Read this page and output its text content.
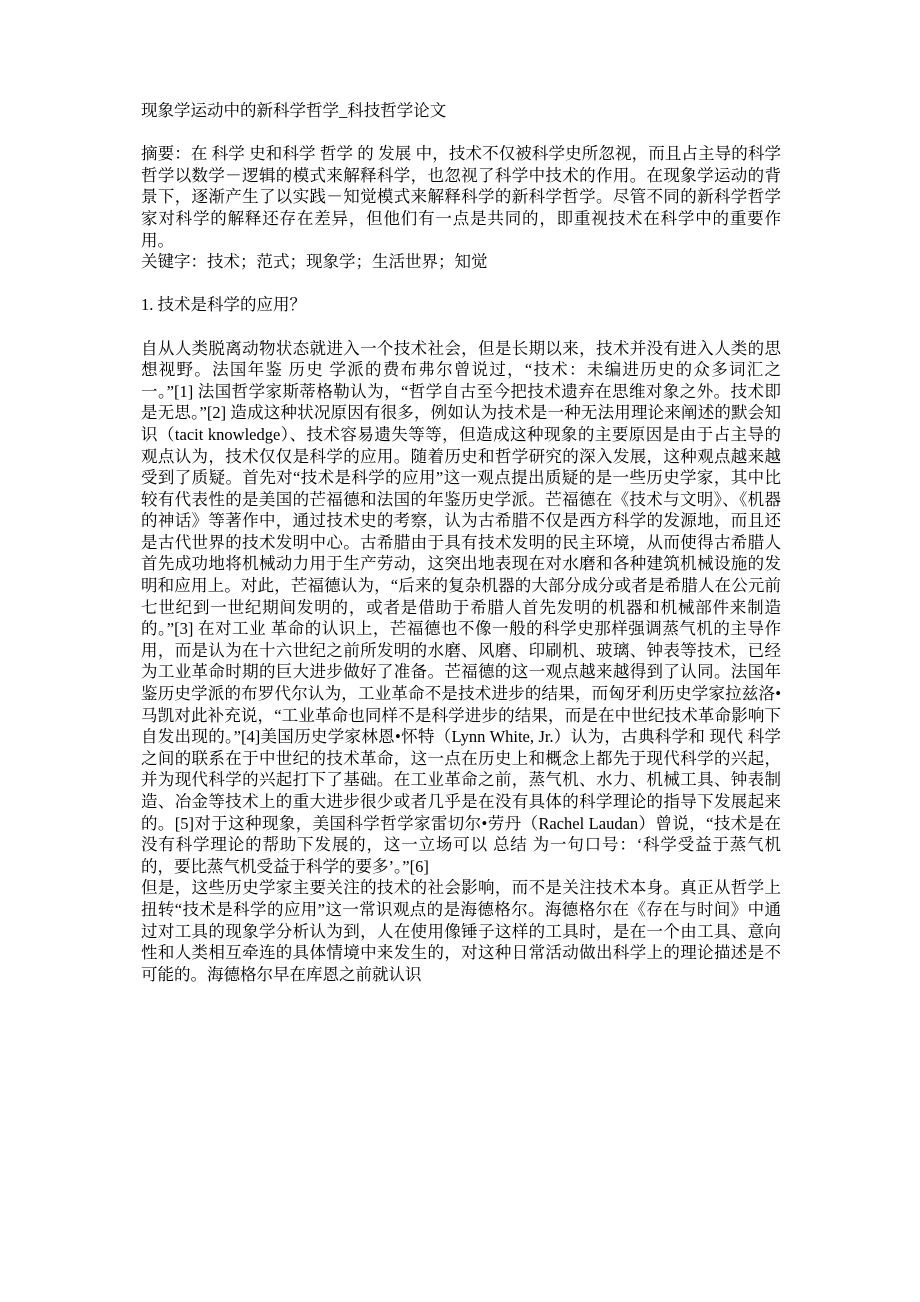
现象学运动中的新科学哲学_科技哲学论文

摘要：在 科学 史和科学 哲学 的 发展 中，技术不仅被科学史所忽视，而且占主导的科学哲学以数学－逻辑的模式来解释科学，也忽视了科学中技术的作用。在现象学运动的背景下，逐渐产生了以实践－知觉模式来解释科学的新科学哲学。尽管不同的新科学哲学家对科学的解释还存在差异，但他们有一点是共同的，即重视技术在科学中的重要作用。

关键字：技术；范式；现象学；生活世界；知觉

1. 技术是科学的应用？

自从人类脱离动物状态就进入一个技术社会，但是长期以来，技术并没有进入人类的思想视野。法国年鉴 历史 学派的费布弗尔曾说过，“技术：未编进历史的众多词汇之一。”[1] 法国哲学家斯蒂格勒认为，“哲学自古至今把技术遗弃在思维对象之外。技术即是无思。”[2] 造成这种状况原因有很多，例如认为技术是一种无法用理论来阐述的默会知识（tacit knowledge）、技术容易遗失等等，但造成这种现象的主要原因是由于占主导的观点认为，技术仅仅是科学的应用。随着历史和哲学研究的深入发展，这种观点越来越受到了质疑。首先对“技术是科学的应用”这一观点提出质疑的是一些历史学家，其中比较有代表性的是美国的芒福德和法国的年鉴历史学派。芒福德在《技术与文明》、《机器的神话》等著作中，通过技术史的考察，认为古希腊不仅是西方科学的发源地，而且还是古代世界的技术发明中心。古希腊由于具有技术发明的民主环境，从而使得古希腊人首先成功地将机械动力用于生产劳动，这突出地表现在对水磨和各种建筑机械设施的发明和应用上。对此，芒福德认为，“后来的复杂机器的大部分成分或者是希腊人在公元前七世纪到一世纪期间发明的，或者是借助于希腊人首先发明的机器和机械部件来制造的。”[3] 在对工业 革命的认识上，芒福德也不像一般的科学史那样强调蒸气机的主导作用，而是认为在十六世纪之前所发明的水磨、风磨、印刷机、玻璃、钟表等技术，已经为工业革命时期的巨大进步做好了准备。芒福德的这一观点越来越得到了认同。法国年鉴历史学派的布罗代尔认为，工业革命不是技术进步的结果，而匈牙利历史学家拉兹洛•马凯对此补充说，“工业革命也同样不是科学进步的结果，而是在中世纪技术革命影响下自发出现的。”[4]美国历史学家林恩•怀特（Lynn White, Jr.）认为，古典科学和 现代 科学之间的联系在于中世纪的技术革命，这一点在历史上和概念上都先于现代科学的兴起，并为现代科学的兴起打下了基础。在工业革命之前，蒸气机、水力、机械工具、钟表制造、冶金等技术上的重大进步很少或者几乎是在没有具体的科学理论的指导下发展起来的。[5]对于这种现象，美国科学哲学家雷切尔•劳丹（Rachel Laudan）曾说，“技术是在没有科学理论的帮助下发展的，这一立场可以 总结 为一句口号：‘科学受益于蒸气机的，要比蒸气机受益于科学的要多’。”[6]

但是，这些历史学家主要关注的技术的社会影响，而不是关注技术本身。真正从哲学上扭转“技术是科学的应用”这一常识观点的是海德格尔。海德格尔在《存在与时间》中通过对工具的现象学分析认为到，人在使用像锤子这样的工具时，是在一个由工具、意向性和人类相互牵连的具体情境中来发生的，对这种日常活动做出科学上的理论描述是不可能的。海德格尔早在库恩之前就认识
